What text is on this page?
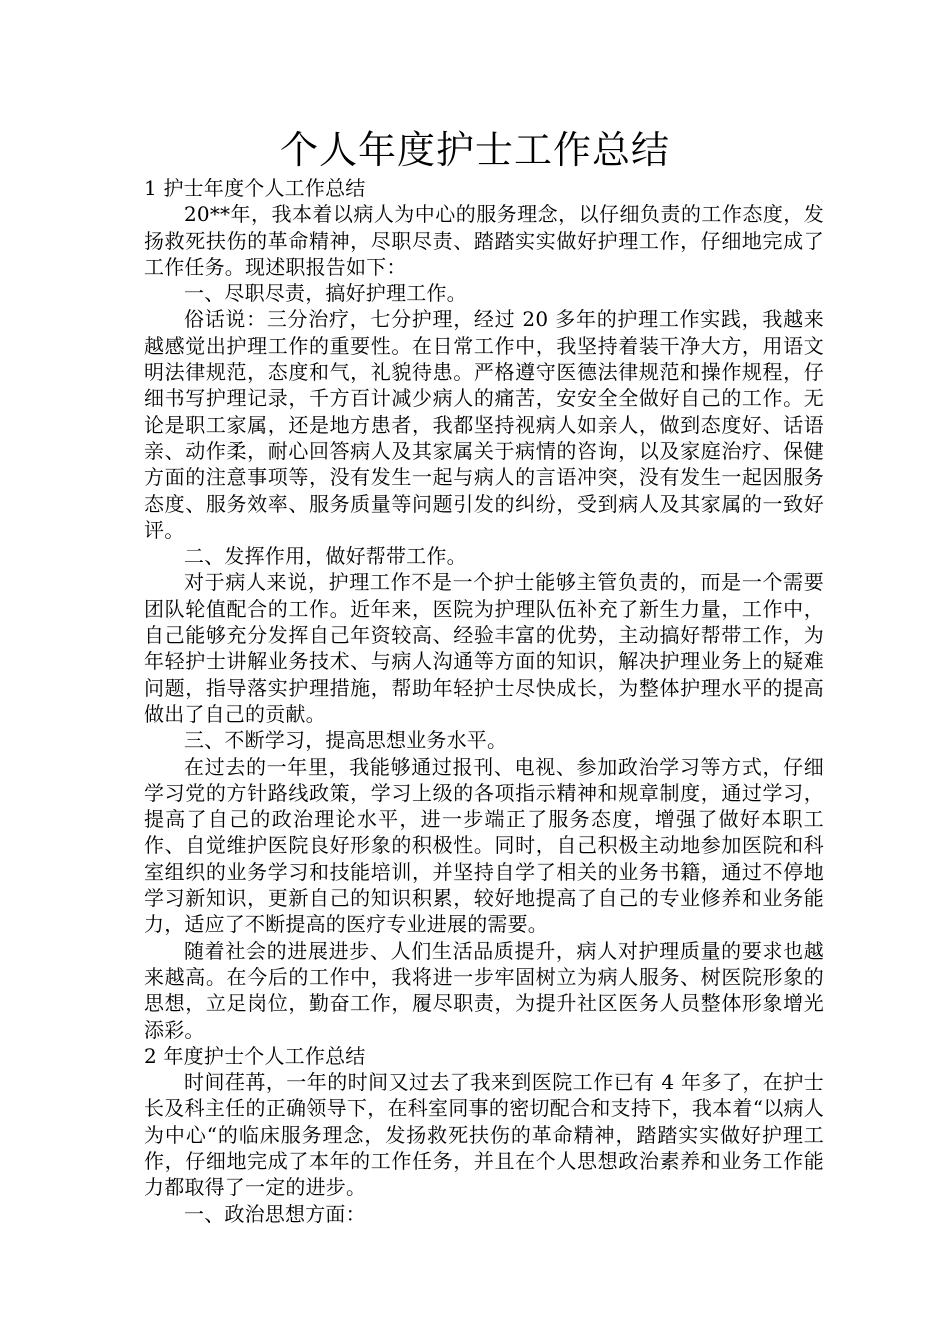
个人年度护士工作总结

1 护士年度个人工作总结

20**年，我本着以病人为中心的服务理念，以仔细负责的工作态度，发扬救死扶伤的革命精神，尽职尽责、踏踏实实做好护理工作，仔细地完成了工作任务。现述职报告如下：

一、尽职尽责，搞好护理工作。

俗话说：三分治疗，七分护理，经过 20 多年的护理工作实践，我越来越感觉出护理工作的重要性。在日常工作中，我坚持着装干净大方，用语文明法律规范，态度和气，礼貌待患。严格遵守医德法律规范和操作规程，仔细书写护理记录，千方百计减少病人的痛苦，安安全全做好自己的工作。无论是职工家属，还是地方患者，我都坚持视病人如亲人，做到态度好、话语亲、动作柔，耐心回答病人及其家属关于病情的咨询，以及家庭治疗、保健方面的注意事项等，没有发生一起与病人的言语冲突，没有发生一起因服务态度、服务效率、服务质量等问题引发的纠纷，受到病人及其家属的一致好评。

二、发挥作用，做好帮带工作。

对于病人来说，护理工作不是一个护士能够主管负责的，而是一个需要团队轮值配合的工作。近年来，医院为护理队伍补充了新生力量，工作中，自己能够充分发挥自己年资较高、经验丰富的优势，主动搞好帮带工作，为年轻护士讲解业务技术、与病人沟通等方面的知识，解决护理业务上的疑难问题，指导落实护理措施，帮助年轻护士尽快成长，为整体护理水平的提高做出了自己的贡献。

三、不断学习，提高思想业务水平。

在过去的一年里，我能够通过报刊、电视、参加政治学习等方式，仔细学习党的方针路线政策，学习上级的各项指示精神和规章制度，通过学习，提高了自己的政治理论水平，进一步端正了服务态度，增强了做好本职工作、自觉维护医院良好形象的积极性。同时，自己积极主动地参加医院和科室组织的业务学习和技能培训，并坚持自学了相关的业务书籍，通过不停地学习新知识，更新自己的知识积累，较好地提高了自己的专业修养和业务能力，适应了不断提高的医疗专业进展的需要。

随着社会的进展进步、人们生活品质提升，病人对护理质量的要求也越来越高。在今后的工作中，我将进一步牢固树立为病人服务、树医院形象的思想，立足岗位，勤奋工作，履尽职责，为提升社区医务人员整体形象增光添彩。

2 年度护士个人工作总结

时间荏苒，一年的时间又过去了我来到医院工作已有 4 年多了，在护士长及科主任的正确领导下，在科室同事的密切配合和支持下，我本着“以病人为中心“的临床服务理念，发扬救死扶伤的革命精神，踏踏实实做好护理工作，仔细地完成了本年的工作任务，并且在个人思想政治素养和业务工作能力都取得了一定的进步。

一、政治思想方面：
